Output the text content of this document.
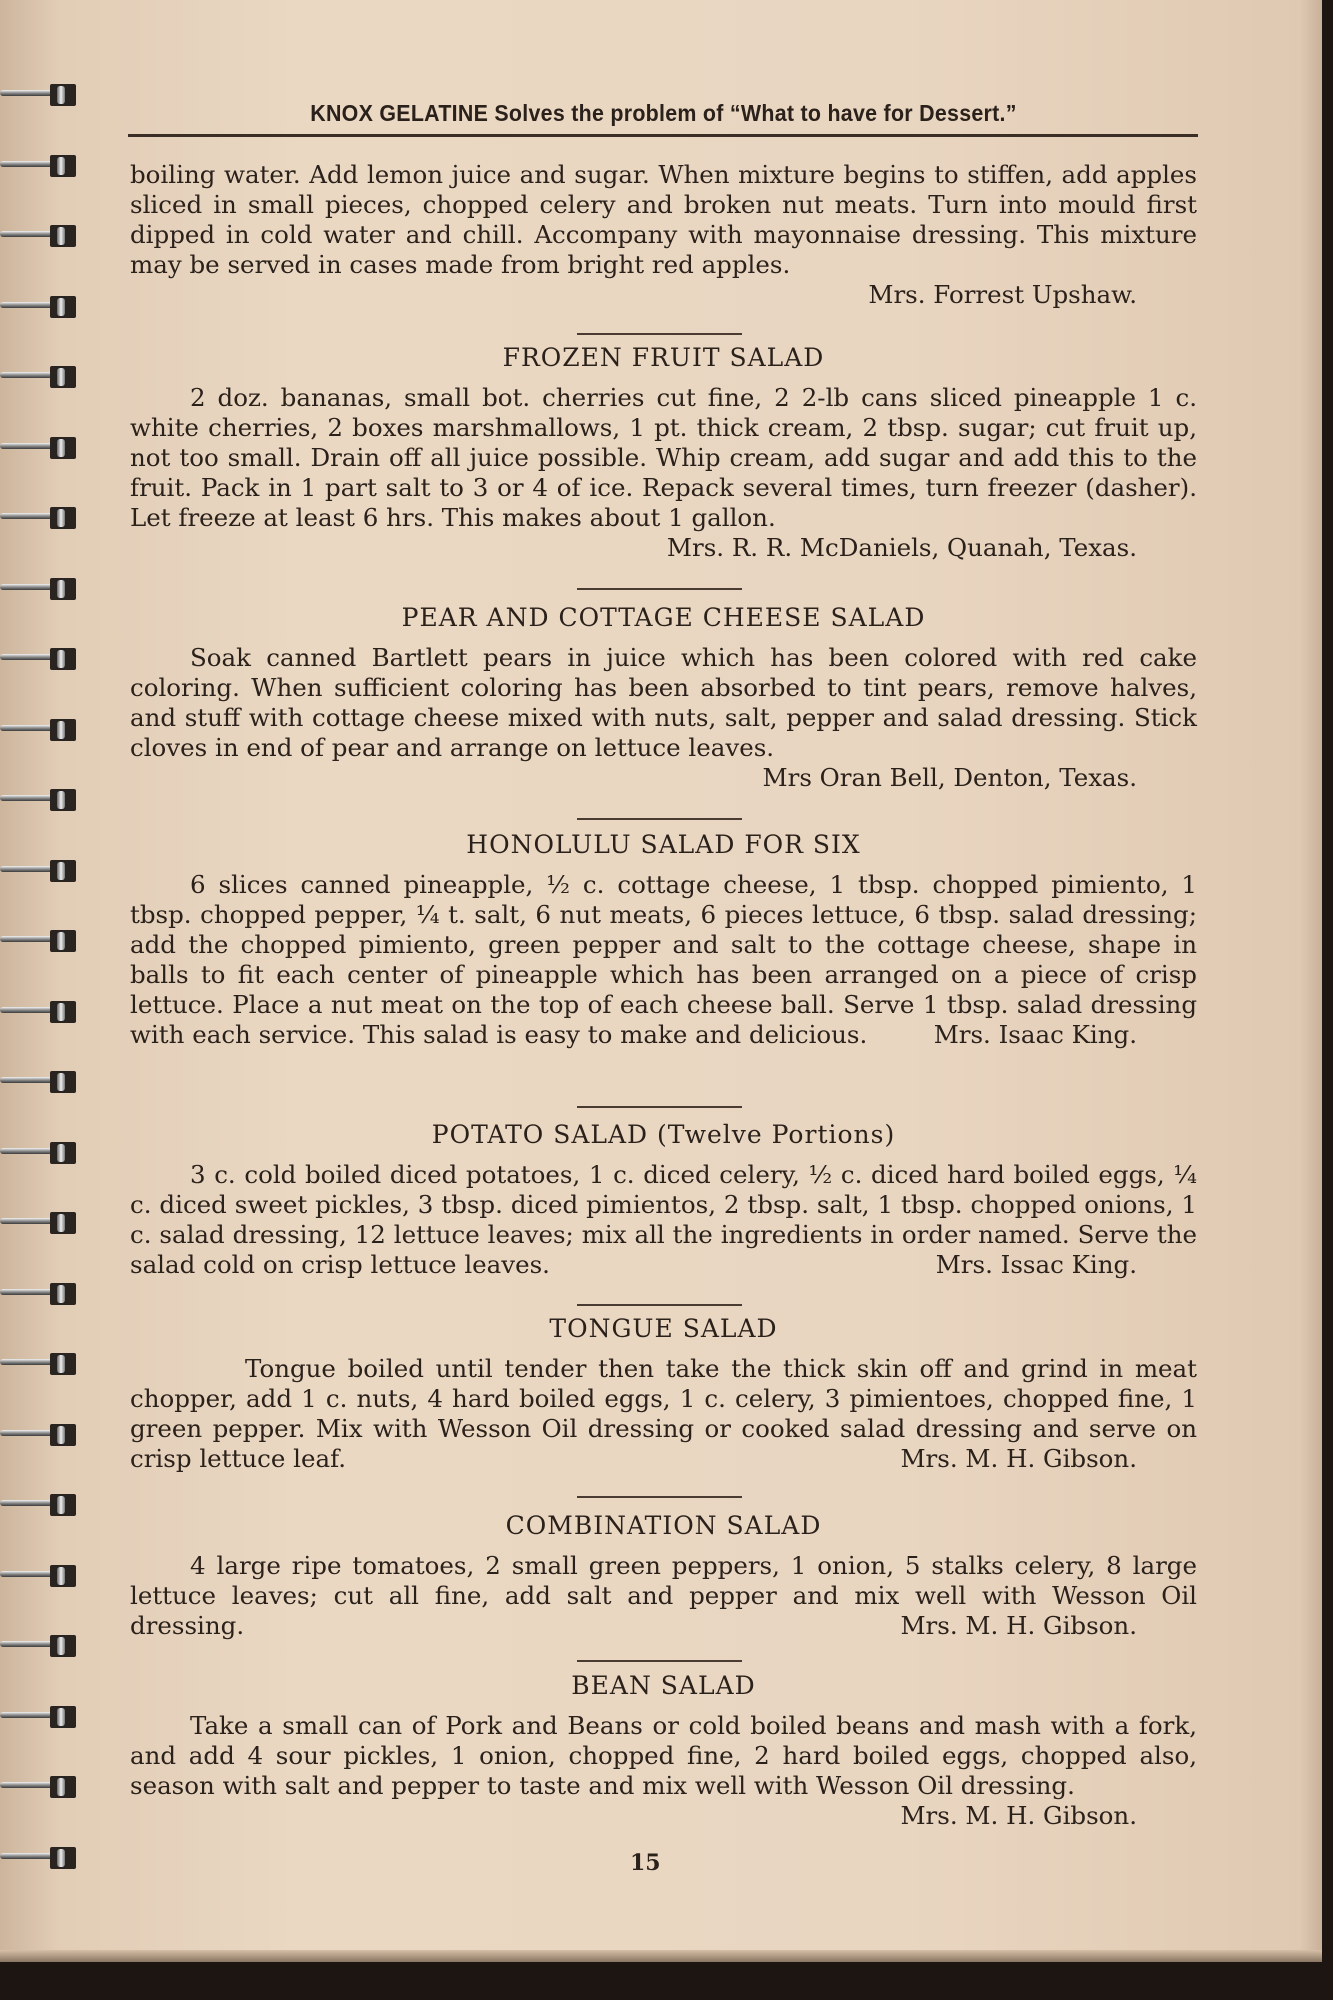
KNOX GELATINE Solves the problem of “What to have for Dessert.”

boiling water. Add lemon juice and sugar. When mixture begins to stiffen, add apples sliced in small pieces, chopped celery and broken nut meats. Turn into mould first dipped in cold water and chill. Accompany with mayonnaise dressing. This mixture may be served in cases made from bright red apples.

Mrs. Forrest Upshaw.
FROZEN FRUIT SALAD

2 doz. bananas, small bot. cherries cut fine, 2 2-lb cans sliced pineapple 1 c. white cherries, 2 boxes marshmallows, 1 pt. thick cream, 2 tbsp. sugar; cut fruit up, not too small. Drain off all juice possible. Whip cream, add sugar and add this to the fruit. Pack in 1 part salt to 3 or 4 of ice. Repack several times, turn freezer (dasher). Let freeze at least 6 hrs. This makes about 1 gallon.
Mrs. R. R. McDaniels, Quanah, Texas.

PEAR AND COTTAGE CHEESE SALAD

Soak canned Bartlett pears in juice which has been colored with red cake coloring. When sufficient coloring has been absorbed to tint pears, remove halves, and stuff with cottage cheese mixed with nuts, salt, pepper and salad dressing. Stick cloves in end of pear and arrange on lettuce leaves.
Mrs Oran Bell, Denton, Texas.

HONOLULU SALAD FOR SIX

6 slices canned pineapple, ½ c. cottage cheese, 1 tbsp. chopped pimiento, 1 tbsp. chopped pepper, ¼ t. salt, 6 nut meats, 6 pieces lettuce, 6 tbsp. salad dressing; add the chopped pimiento, green pepper and salt to the cottage cheese, shape in balls to fit each center of pineapple which has been arranged on a piece of crisp lettuce. Place a nut meat on the top of each cheese ball. Serve 1 tbsp. salad dressing with each service. This salad is easy to make and delicious.	Mrs. Isaac King.

POTATO SALAD (Twelve Portions)

3 c. cold boiled diced potatoes, 1 c. diced celery, ½ c. diced hard boiled eggs, ¼ c. diced sweet pickles, 3 tbsp. diced pimientos, 2 tbsp. salt, 1 tbsp. chopped onions, 1 c. salad dressing, 12 lettuce leaves; mix all the ingredients in order named. Serve the salad cold on crisp lettuce leaves.	Mrs. Issac King.

TONGUE SALAD

Tongue boiled until tender then take the thick skin off and grind in meat chopper, add 1 c. nuts, 4 hard boiled eggs, 1 c. celery, 3 pimientoes, chopped fine, 1 green pepper. Mix with Wesson Oil dressing or cooked salad dressing and serve on crisp lettuce leaf.	Mrs. M. H. Gibson.

COMBINATION SALAD

4 large ripe tomatoes, 2 small green peppers, 1 onion, 5 stalks celery, 8 large lettuce leaves; cut all fine, add salt and pepper and mix well with Wesson Oil dressing.	Mrs. M. H. Gibson.

BEAN SALAD

Take a small can of Pork and Beans or cold boiled beans and mash with a fork, and add 4 sour pickles, 1 onion, chopped fine, 2 hard boiled eggs, chopped also, season with salt and pepper to taste and mix well with Wesson Oil dressing.
Mrs. M. H. Gibson.

15
